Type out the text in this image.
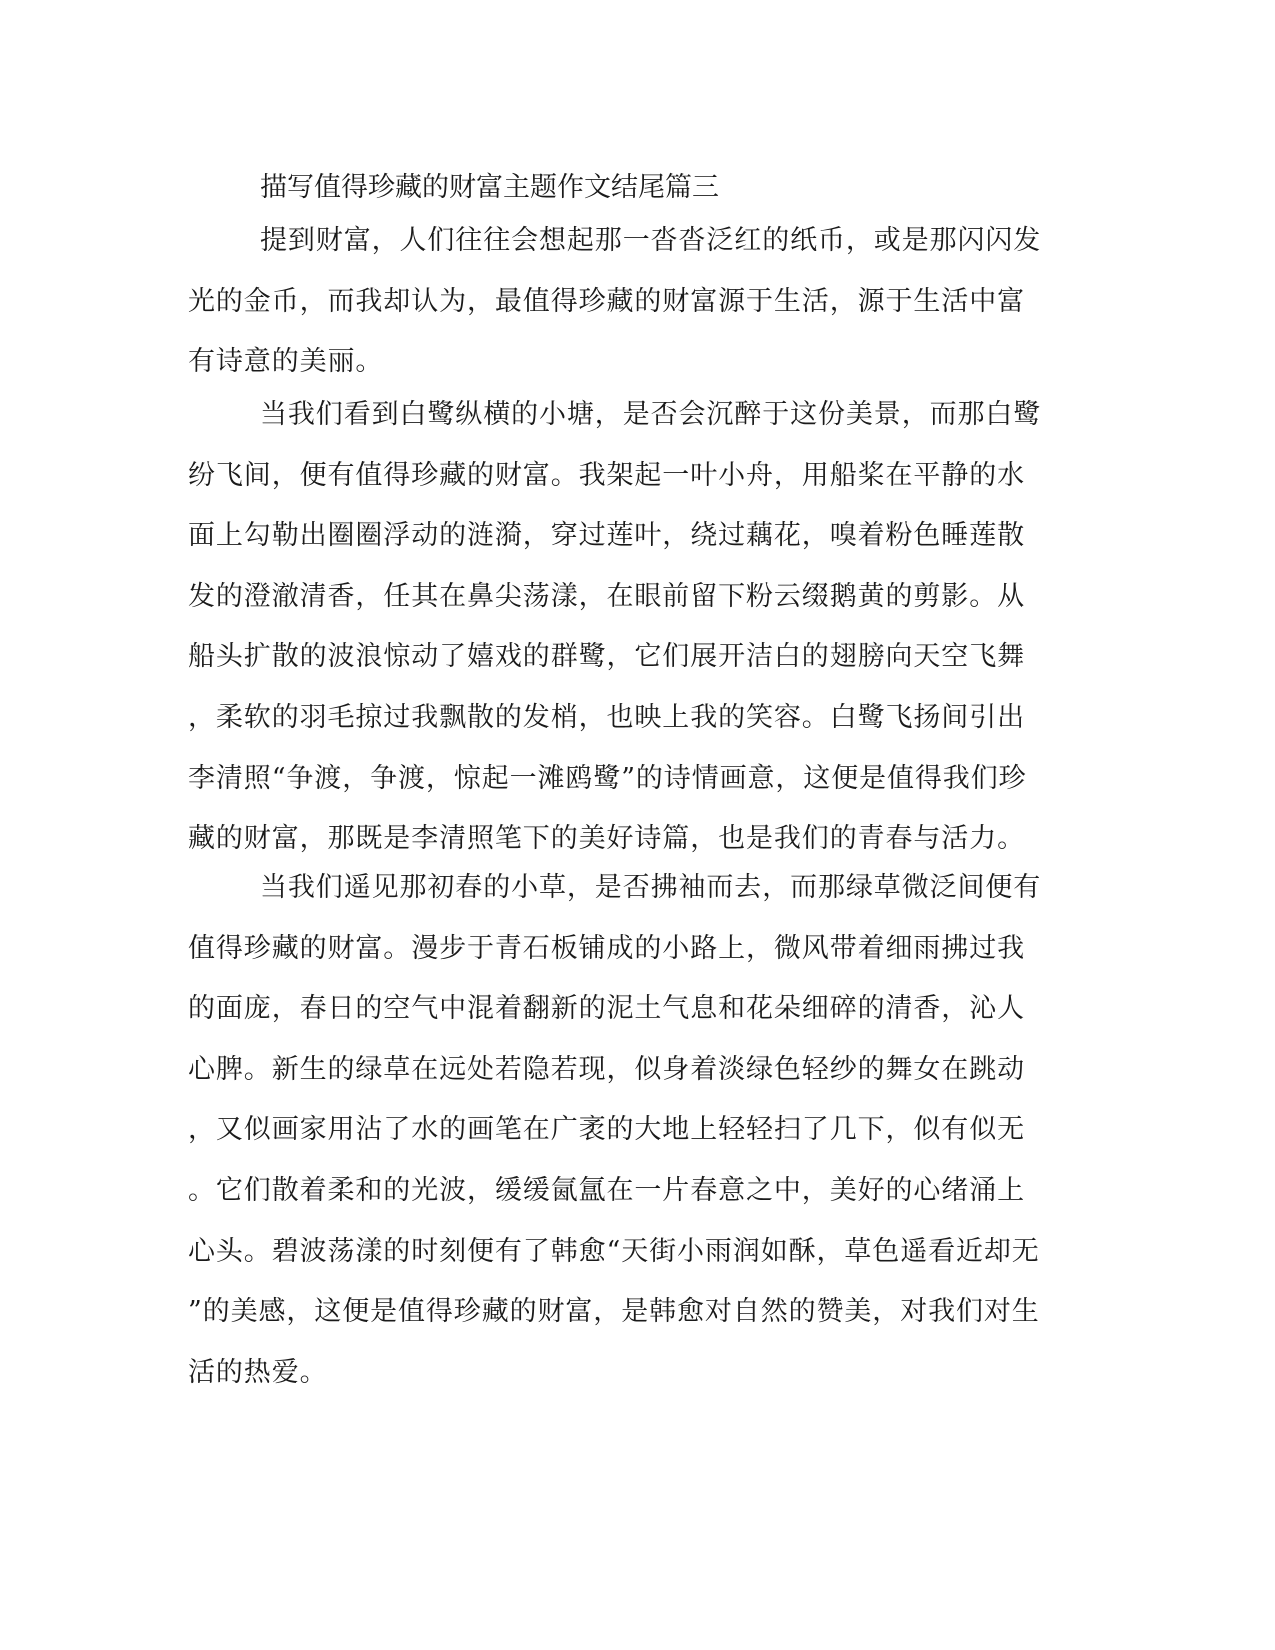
描写值得珍藏的财富主题作文结尾篇三
提到财富，人们往往会想起那一沓沓泛红的纸币，或是那闪闪发
光的金币，而我却认为，最值得珍藏的财富源于生活，源于生活中富
有诗意的美丽。
当我们看到白鹭纵横的小塘，是否会沉醉于这份美景，而那白鹭
纷飞间，便有值得珍藏的财富。我架起一叶小舟，用船桨在平静的水
面上勾勒出圈圈浮动的涟漪，穿过莲叶，绕过藕花，嗅着粉色睡莲散
发的澄澈清香，任其在鼻尖荡漾，在眼前留下粉云缀鹅黄的剪影。从
船头扩散的波浪惊动了嬉戏的群鹭，它们展开洁白的翅膀向天空飞舞
，柔软的羽毛掠过我飘散的发梢，也映上我的笑容。白鹭飞扬间引出
李清照“争渡，争渡，惊起一滩鸥鹭”的诗情画意，这便是值得我们珍
藏的财富，那既是李清照笔下的美好诗篇，也是我们的青春与活力。
当我们遥见那初春的小草，是否拂袖而去，而那绿草微泛间便有
值得珍藏的财富。漫步于青石板铺成的小路上，微风带着细雨拂过我
的面庞，春日的空气中混着翻新的泥土气息和花朵细碎的清香，沁人
心脾。新生的绿草在远处若隐若现，似身着淡绿色轻纱的舞女在跳动
，又似画家用沾了水的画笔在广袤的大地上轻轻扫了几下，似有似无
。它们散着柔和的光波，缓缓氤氲在一片春意之中，美好的心绪涌上
心头。碧波荡漾的时刻便有了韩愈“天街小雨润如酥，草色遥看近却无
”的美感，这便是值得珍藏的财富，是韩愈对自然的赞美，对我们对生
活的热爱。
